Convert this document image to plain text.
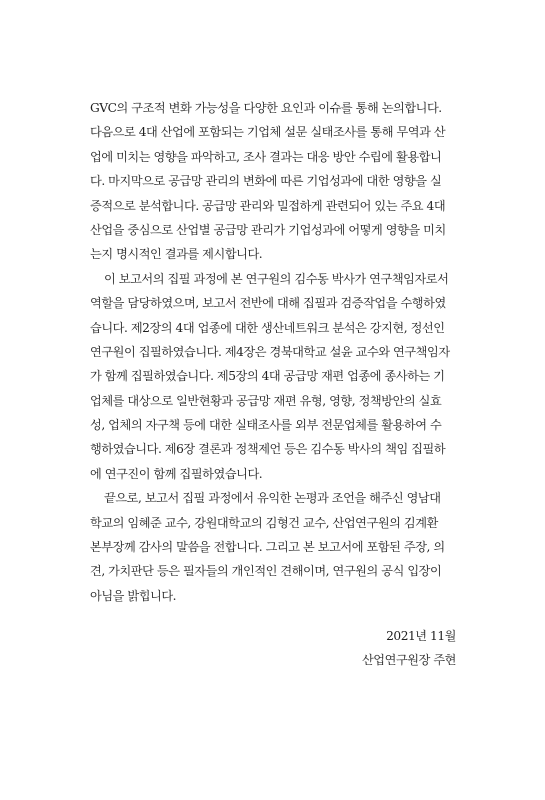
GVC의 구조적 변화 가능성을 다양한 요인과 이슈를 통해 논의합니다.
다음으로 4대 산업에 포함되는 기업체 설문 실태조사를 통해 무역과 산
업에 미치는 영향을 파악하고, 조사 결과는 대응 방안 수립에 활용합니
다. 마지막으로 공급망 관리의 변화에 따른 기업성과에 대한 영향을 실
증적으로 분석합니다. 공급망 관리와 밀접하게 관련되어 있는 주요 4대
산업을 중심으로 산업별 공급망 관리가 기업성과에 어떻게 영향을 미치
는지 명시적인 결과를 제시합니다.
이 보고서의 집필 과정에 본 연구원의 김수동 박사가 연구책임자로서
역할을 담당하였으며, 보고서 전반에 대해 집필과 검증작업을 수행하였
습니다. 제2장의 4대 업종에 대한 생산네트워크 분석은 강지현, 정선인
연구원이 집필하였습니다. 제4장은 경북대학교 설윤 교수와 연구책임자
가 함께 집필하였습니다. 제5장의 4대 공급망 재편 업종에 종사하는 기
업체를 대상으로 일반현황과 공급망 재편 유형, 영향, 정책방안의 실효
성, 업체의 자구책 등에 대한 실태조사를 외부 전문업체를 활용하여 수
행하였습니다. 제6장 결론과 정책제언 등은 김수동 박사의 책임 집필하
에 연구진이 함께 집필하였습니다.
끝으로, 보고서 집필 과정에서 유익한 논평과 조언을 해주신 영남대
학교의 임혜준 교수, 강원대학교의 김형건 교수, 산업연구원의 김계환
본부장께 감사의 말씀을 전합니다. 그리고 본 보고서에 포함된 주장, 의
견, 가치판단 등은 필자들의 개인적인 견해이며, 연구원의 공식 입장이
아님을 밝힙니다.
2021년 11월
산업연구원장 주현
